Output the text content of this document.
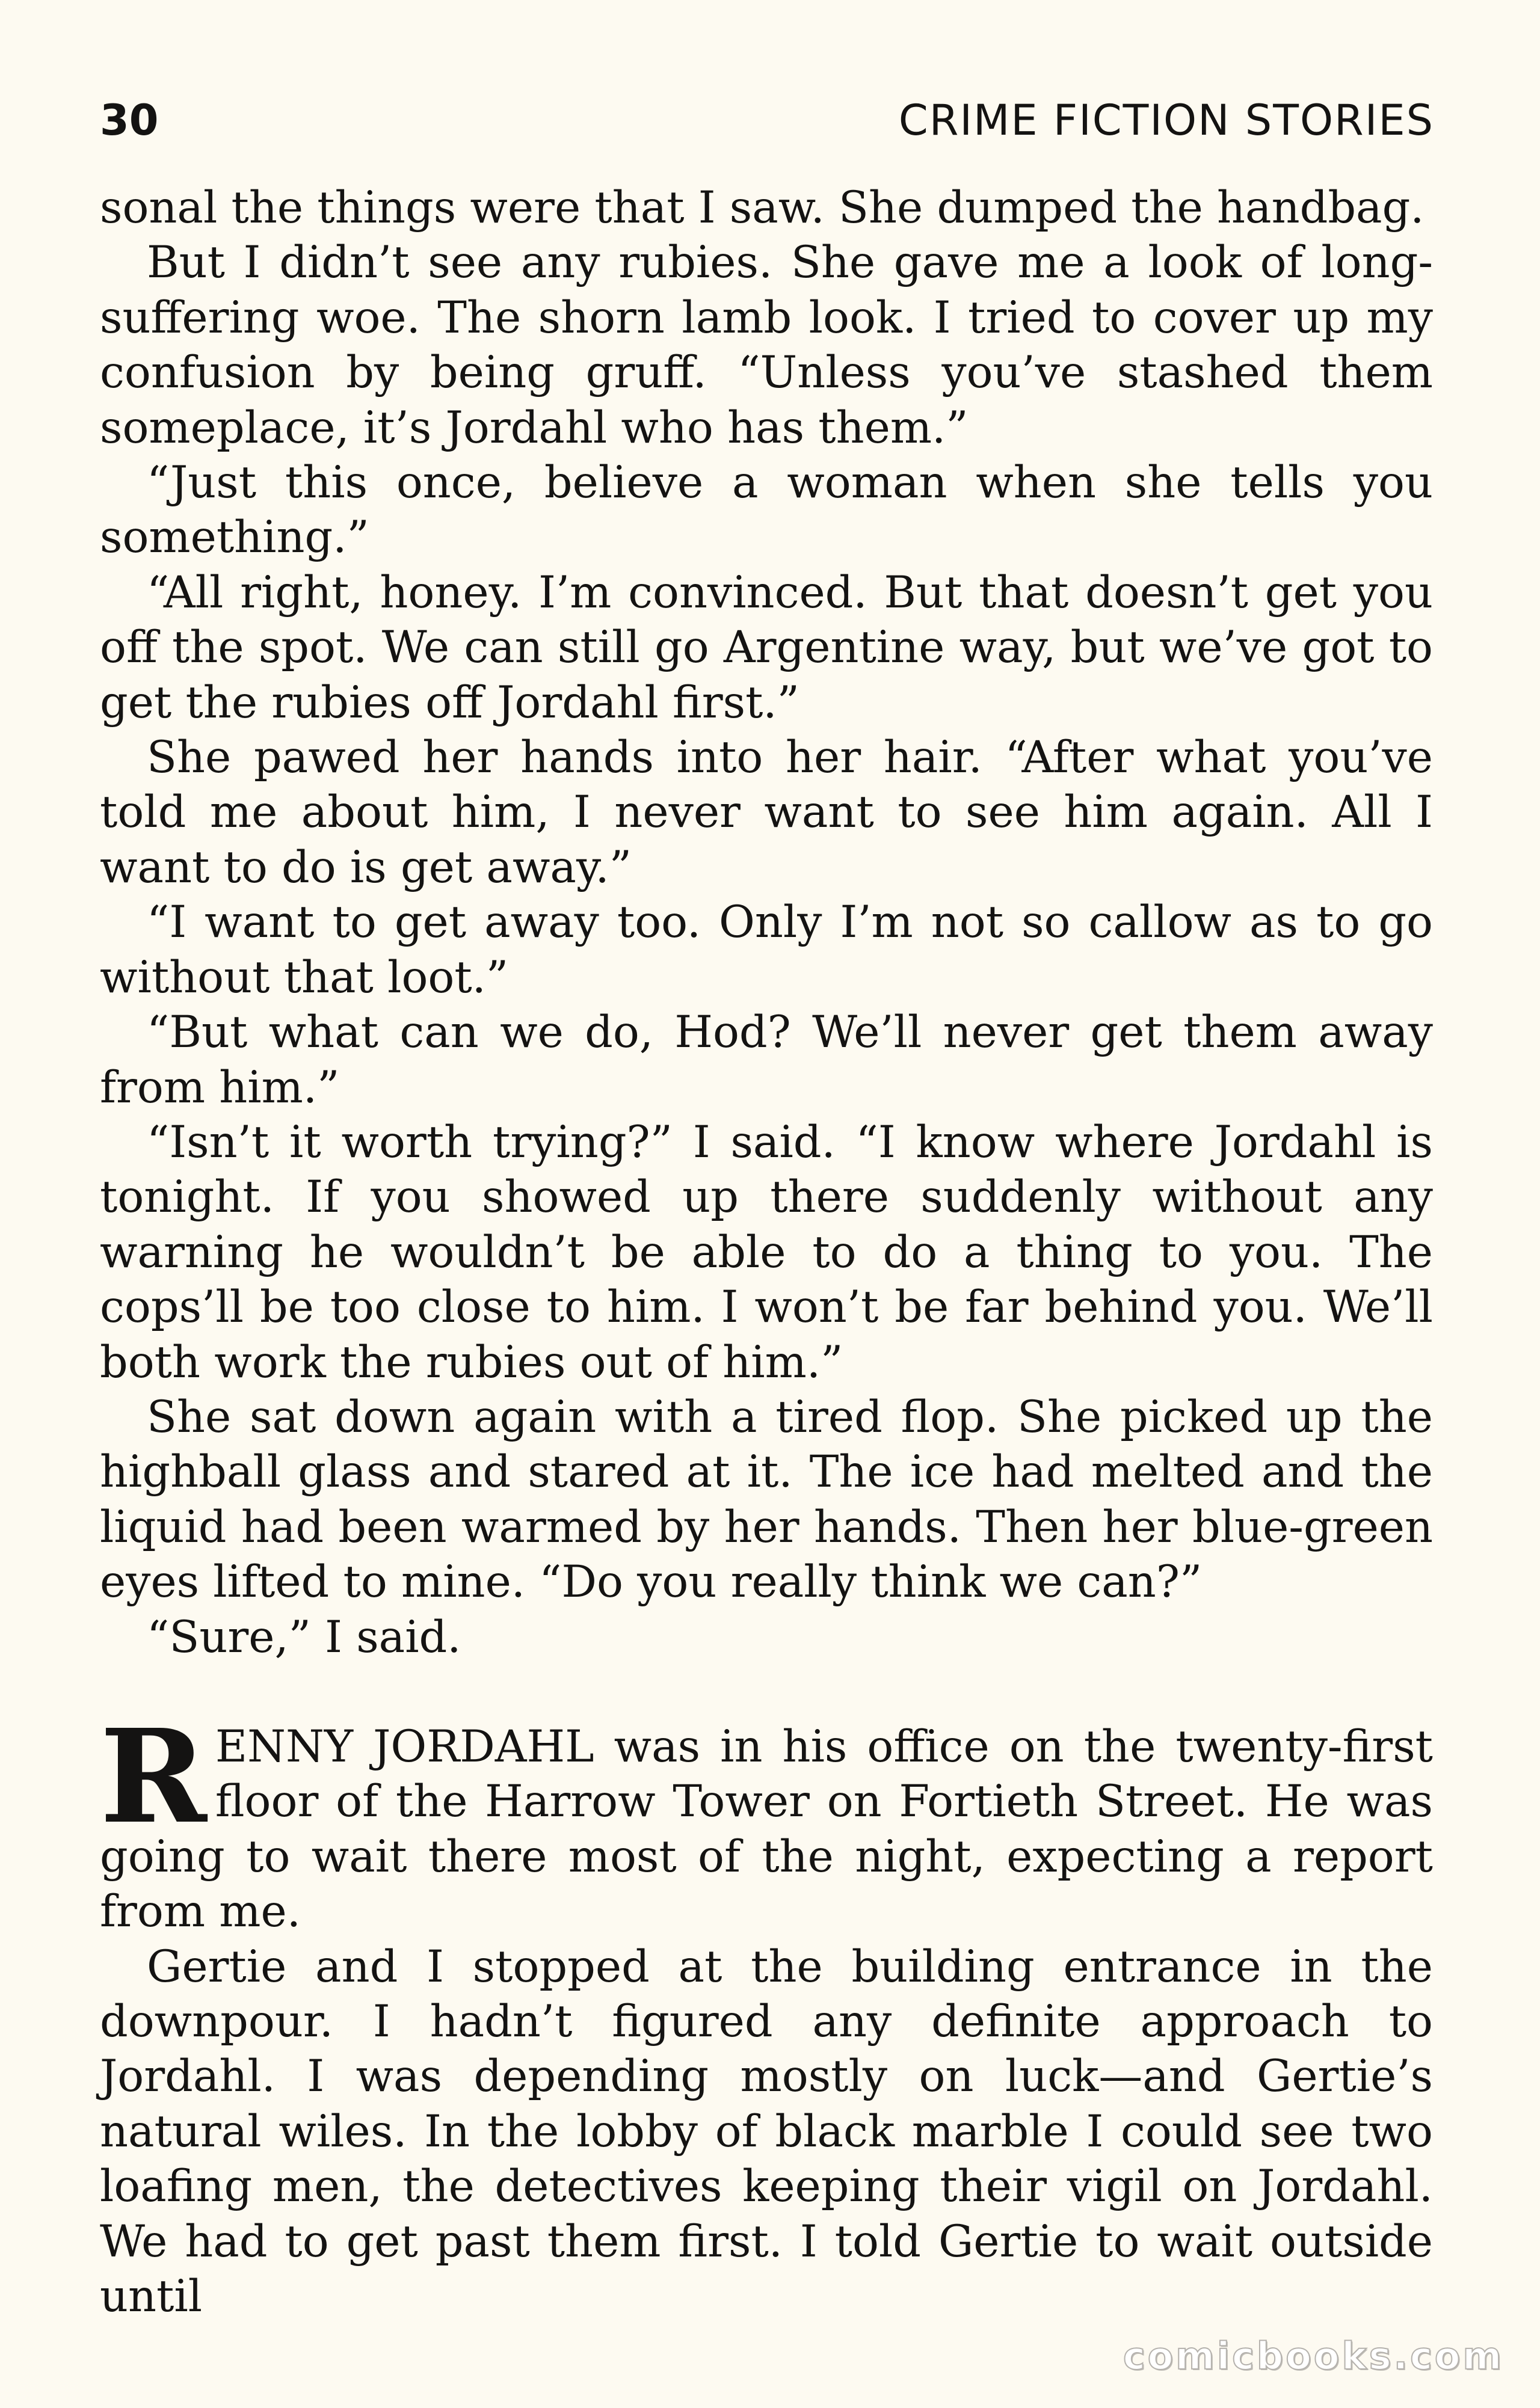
30	CRIME FICTION STORIES

sonal the things were that I saw. She dumped the handbag.

But I didn’t see any rubies. She gave me a look of long-suffering woe. The shorn lamb look. I tried to cover up my confusion by being gruff. “Unless you’ve stashed them someplace, it’s Jordahl who has them.”

“Just this once, believe a woman when she tells you something.”

“All right, honey. I’m convinced. But that doesn’t get you off the spot. We can still go Argentine way, but we’ve got to get the rubies off Jordahl first.”

She pawed her hands into her hair. “After what you’ve told me about him, I never want to see him again. All I want to do is get away.”

“I want to get away too. Only I’m not so callow as to go without that loot.”

“But what can we do, Hod? We’ll never get them away from him.”

“Isn’t it worth trying?” I said. “I know where Jordahl is tonight. If you showed up there suddenly without any warning he wouldn’t be able to do a thing to you. The cops’ll be too close to him. I won’t be far behind you. We’ll both work the rubies out of him.”

She sat down again with a tired flop. She picked up the highball glass and stared at it. The ice had melted and the liquid had been warmed by her hands. Then her blue-green eyes lifted to mine. “Do you really think we can?”

“Sure,” I said.

RENNY JORDAHL was in his office on the twenty-first floor of the Harrow Tower on Fortieth Street. He was going to wait there most of the night, expecting a report from me.

Gertie and I stopped at the building entrance in the downpour. I hadn’t figured any definite approach to Jordahl. I was depending mostly on luck—and Gertie’s natural wiles. In the lobby of black marble I could see two loafing men, the detectives keeping their vigil on Jordahl. We had to get past them first. I told Gertie to wait outside until

comicbooks.com
